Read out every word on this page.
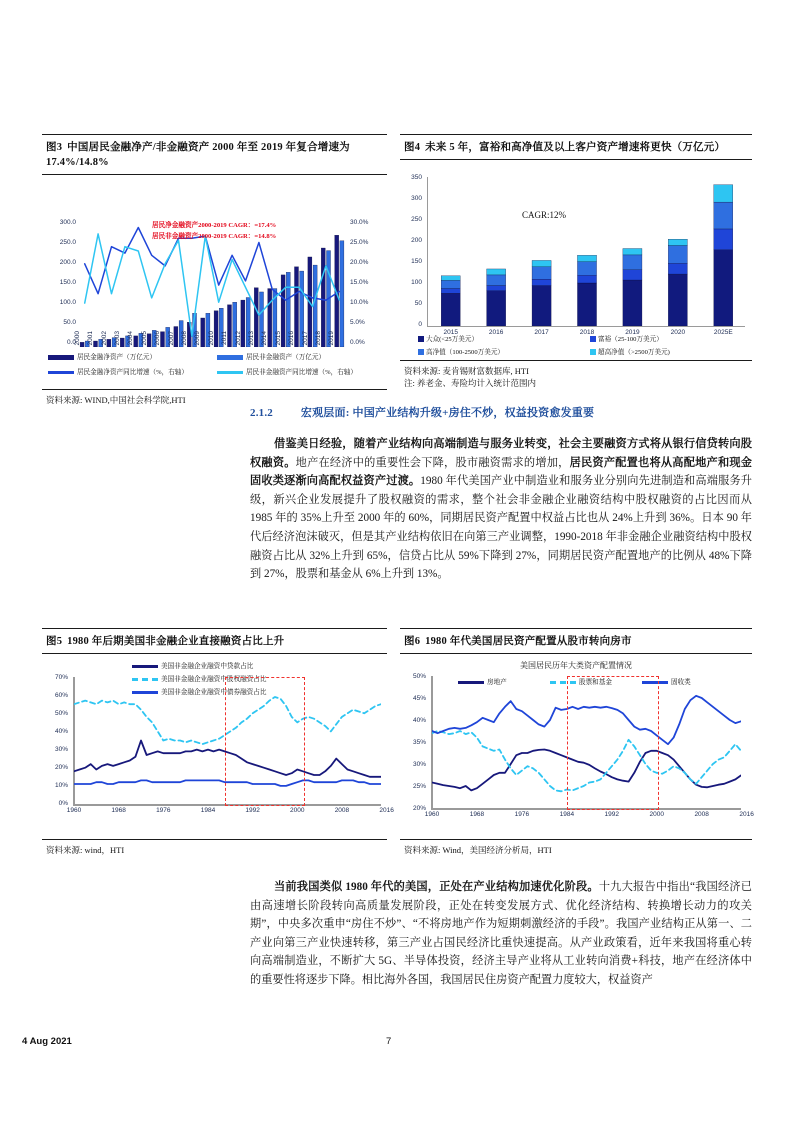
图3 中国居民金融净产/非金融资产 2000 年至 2019 年复合增速为 17.4%/14.8%
300.0
250.0
200.0
150.0
100.0
50.0
0.0
30.0%
25.0%
20.0%
15.0%
10.0%
5.0%
0.0%
居民净金融资产2000-2019 CAGR：=17.4%
居民非金融资产2000-2019 CAGR：=14.8%
2000 2001 2002 2003 2004 2005 2006 2007 2008 2009 2010 2011 2012 2013 2014 2015 2016 2017 2018 2019
居民金融净资产（万亿元）	居民非金融资产（万亿元）
居民金融净资产同比增速（%，右轴）	居民非金融资产同比增速（%，右轴）
资料来源: WIND,中国社会科学院,HTI
图4 未来 5 年，富裕和高净值及以上客户资产增速将更快（万亿元）
350
300
250
200
150
100
50
0
CAGR:12%
2015	2016	2017	2018	2019	2020	2025E
大众(<25万美元）	富裕（25-100万美元）
高净值（100-2500万美元）	超高净值（>2500万美元)
资料来源: 麦肯锡财富数据库, HTI
注: 养老金、寿险均计入统计范围内
2.1.2	宏观层面: 中国产业结构升级+房住不炒，权益投资愈发重要
借鉴美日经验，随着产业结构向高端制造与服务业转变，社会主要融资方式将从银行信贷转向股权融资。地产在经济中的重要性会下降，股市融资需求的增加，居民资产配置也将从高配地产和现金固收类逐渐向高配权益资产过渡。1980 年代美国产业中制造业和服务业分别向先进制造和高端服务升级，新兴企业发展提升了股权融资的需求，整个社会非金融企业融资结构中股权融资的占比因而从 1985 年的 35%上升至 2000 年的 60%，同期居民资产配置中权益占比也从 24%上升到 36%。日本 90 年代后经济泡沫破灭，但是其产业结构依旧在向第三产业调整，1990-2018 年非金融企业融资结构中股权融资占比从 32%上升到 65%，信贷占比从 59%下降到 27%，同期居民资产配置地产的比例从 48%下降到 27%，股票和基金从 6%上升到 13%。
图5 1980 年后期美国非金融企业直接融资占比上升
美国非金融企业融资中贷款占比
美国非金融企业融资中股权融资占比
美国非金融企业融资中债券融资占比
70%
60%
50%
40%
30%
20%
10%
0%
1960	1968	1976	1984	1992	2000	2008	2016
资料来源: wind，HTI
图6 1980 年代美国居民资产配置从股市转向房市
美国居民历年大类资产配置情况
房地产	股票和基金	固收类
50%
45%
40%
35%
30%
25%
20%
1960	1968	1976	1984	1992	2000	2008	2016
资料来源: Wind，美国经济分析局，HTI
当前我国类似 1980 年代的美国，正处在产业结构加速优化阶段。十九大报告中指出“我国经济已由高速增长阶段转向高质量发展阶段，正处在转变发展方式、优化经济结构、转换增长动力的攻关期”，中央多次重申“房住不炒”、“不将房地产作为短期刺激经济的手段”。我国产业结构正从第一、二产业向第三产业快速转移，第三产业占国民经济比重快速提高。从产业政策看，近年来我国将重心转向高端制造业，不断扩大 5G、半导体投资，经济主导产业将从工业转向消费+科技，地产在经济体中的重要性将逐步下降。相比海外各国，我国居民住房资产配置力度较大，权益资产
4 Aug 2021	7
